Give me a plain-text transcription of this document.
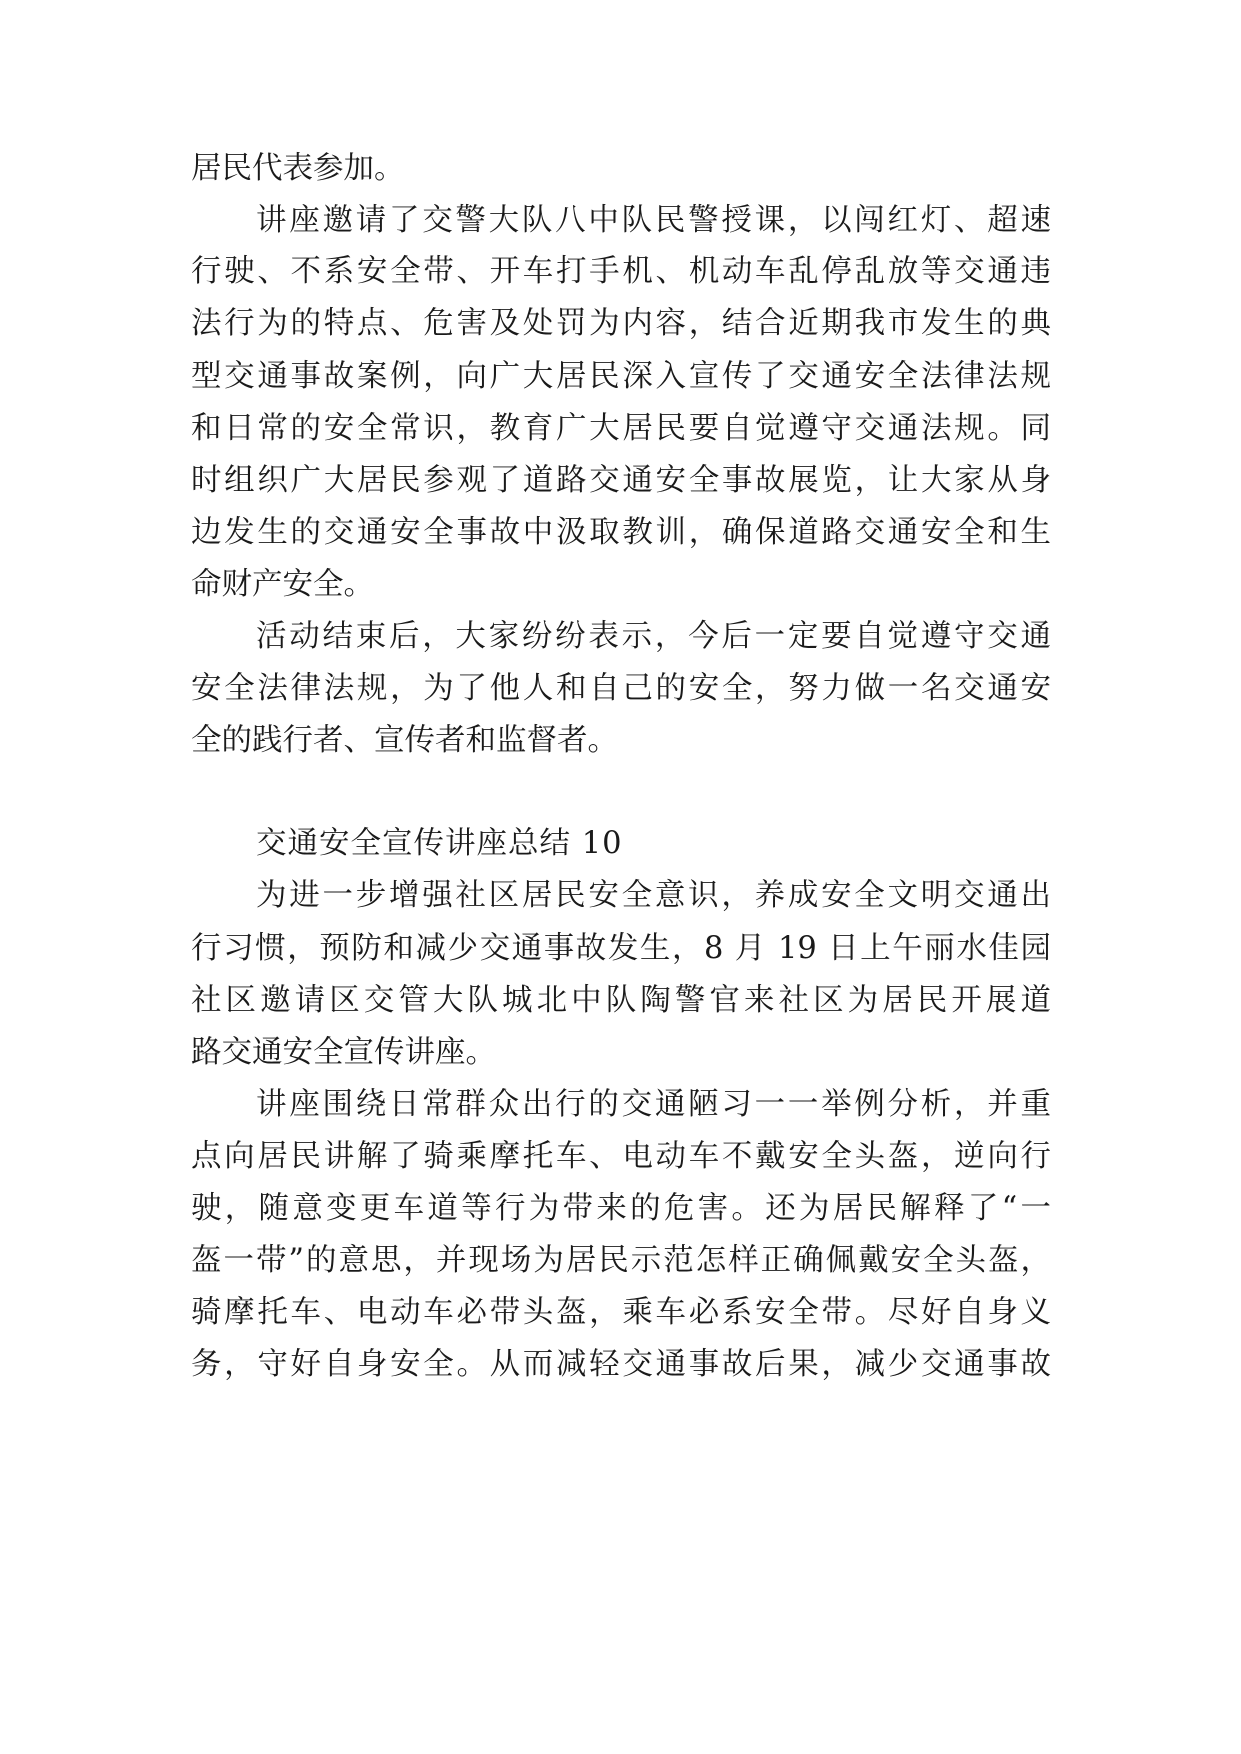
居民代表参加。
讲座邀请了交警大队八中队民警授课，以闯红灯、超速
行驶、不系安全带、开车打手机、机动车乱停乱放等交通违
法行为的特点、危害及处罚为内容，结合近期我市发生的典
型交通事故案例，向广大居民深入宣传了交通安全法律法规
和日常的安全常识，教育广大居民要自觉遵守交通法规。同
时组织广大居民参观了道路交通安全事故展览，让大家从身
边发生的交通安全事故中汲取教训，确保道路交通安全和生
命财产安全。
活动结束后，大家纷纷表示，今后一定要自觉遵守交通
安全法律法规，为了他人和自己的安全，努力做一名交通安
全的践行者、宣传者和监督者。
交通安全宣传讲座总结 10
为进一步增强社区居民安全意识，养成安全文明交通出
行习惯，预防和减少交通事故发生，8 月 19 日上午丽水佳园
社区邀请区交管大队城北中队陶警官来社区为居民开展道
路交通安全宣传讲座。
讲座围绕日常群众出行的交通陋习一一举例分析，并重
点向居民讲解了骑乘摩托车、电动车不戴安全头盔，逆向行
驶，随意变更车道等行为带来的危害。还为居民解释了“一
盔一带”的意思，并现场为居民示范怎样正确佩戴安全头盔，
骑摩托车、电动车必带头盔，乘车必系安全带。尽好自身义
务，守好自身安全。从而减轻交通事故后果，减少交通事故
